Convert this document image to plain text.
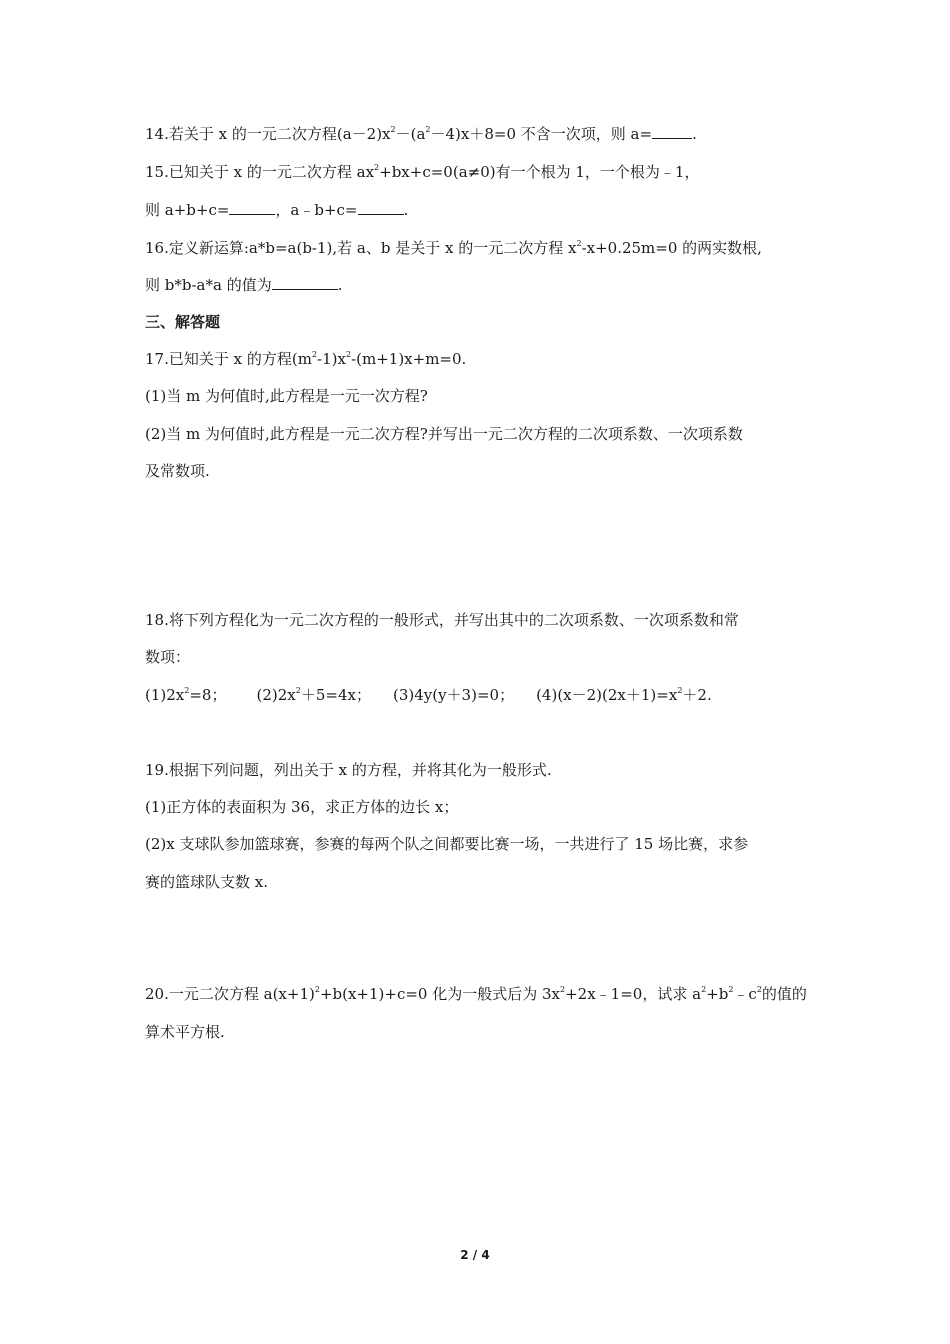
14.若关于 x 的一元二次方程$(a-2)x^2-(a^2-4)x+8=0$ 不含一次项，则 a=	.
15.已知关于 x 的一元二次方程 $ax^2+bx+c=0(a\ne 0)$有一个根为 1，一个根为﹣1，
则 a+b+c=	，a﹣b+c=	.
16.定义新运算:a*b=a(b-1),若 a、b 是关于 x 的一元二次方程 $x^2-x+0.25m=0$ 的两实数根,
则 b*b-a*a 的值为	.
三、解答题
17.已知关于 x 的方程$(m^2-1)x^2-(m+1)x+m=0$.
(1)当 m 为何值时,此方程是一元一次方程?
(2)当 m 为何值时,此方程是一元二次方程?并写出一元二次方程的二次项系数、一次项系数
及常数项.
18.将下列方程化为一元二次方程的一般形式，并写出其中的二次项系数、一次项系数和常
数项：
$(1)2x^2=8$； $(2)2x^2+5=4x$； (3)4y(y＋3)=0； $(4)(x-2)(2x+1)=x^2+2$.
19.根据下列问题，列出关于 x 的方程，并将其化为一般形式.
(1)正方体的表面积为 36，求正方体的边长 x；
(2)x 支球队参加篮球赛，参赛的每两个队之间都要比赛一场，一共进行了 15 场比赛，求参
赛的篮球队支数 x.
20.一元二次方程 $a(x+1)^2+b(x+1)+c=0$ 化为一般式后为 $3x^2+2x﹣1=0$，试求 $a^2+b^2﹣c^2$的值的
算术平方根.
2 / 4
